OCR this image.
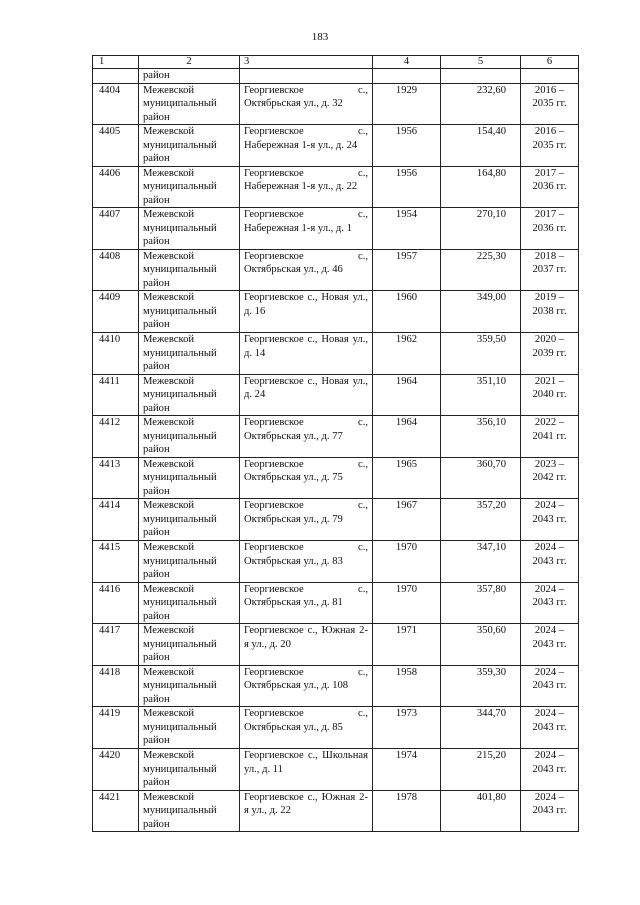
183
1	2	3	4	5	6
	район				
4404	Межевской муниципальный район	Георгиевское с., Октябрьская ул., д. 32	1929	232,60	2016 – 2035 гг.
4405	Межевской муниципальный район	Георгиевское с., Набережная 1-я ул., д. 24	1956	154,40	2016 – 2035 гг.
4406	Межевской муниципальный район	Георгиевское с., Набережная 1-я ул., д. 22	1956	164,80	2017 – 2036 гг.
4407	Межевской муниципальный район	Георгиевское с., Набережная 1-я ул., д. 1	1954	270,10	2017 – 2036 гг.
4408	Межевской муниципальный район	Георгиевское с., Октябрьская ул., д. 46	1957	225,30	2018 – 2037 гг.
4409	Межевской муниципальный район	Георгиевское с., Новая ул., д. 16	1960	349,00	2019 – 2038 гг.
4410	Межевской муниципальный район	Георгиевское с., Новая ул., д. 14	1962	359,50	2020 – 2039 гг.
4411	Межевской муниципальный район	Георгиевское с., Новая ул., д. 24	1964	351,10	2021 – 2040 гг.
4412	Межевской муниципальный район	Георгиевское с., Октябрьская ул., д. 77	1964	356,10	2022 – 2041 гг.
4413	Межевской муниципальный район	Георгиевское с., Октябрьская ул., д. 75	1965	360,70	2023 – 2042 гг.
4414	Межевской муниципальный район	Георгиевское с., Октябрьская ул., д. 79	1967	357,20	2024 – 2043 гг.
4415	Межевской муниципальный район	Георгиевское с., Октябрьская ул., д. 83	1970	347,10	2024 – 2043 гг.
4416	Межевской муниципальный район	Георгиевское с., Октябрьская ул., д. 81	1970	357,80	2024 – 2043 гг.
4417	Межевской муниципальный район	Георгиевское с., Южная 2-я ул., д. 20	1971	350,60	2024 – 2043 гг.
4418	Межевской муниципальный район	Георгиевское с., Октябрьская ул., д. 108	1958	359,30	2024 – 2043 гг.
4419	Межевской муниципальный район	Георгиевское с., Октябрьская ул., д. 85	1973	344,70	2024 – 2043 гг.
4420	Межевской муниципальный район	Георгиевское с., Школьная ул., д. 11	1974	215,20	2024 – 2043 гг.
4421	Межевской муниципальный район	Георгиевское с., Южная 2-я ул., д. 22	1978	401,80	2024 – 2043 гг.
